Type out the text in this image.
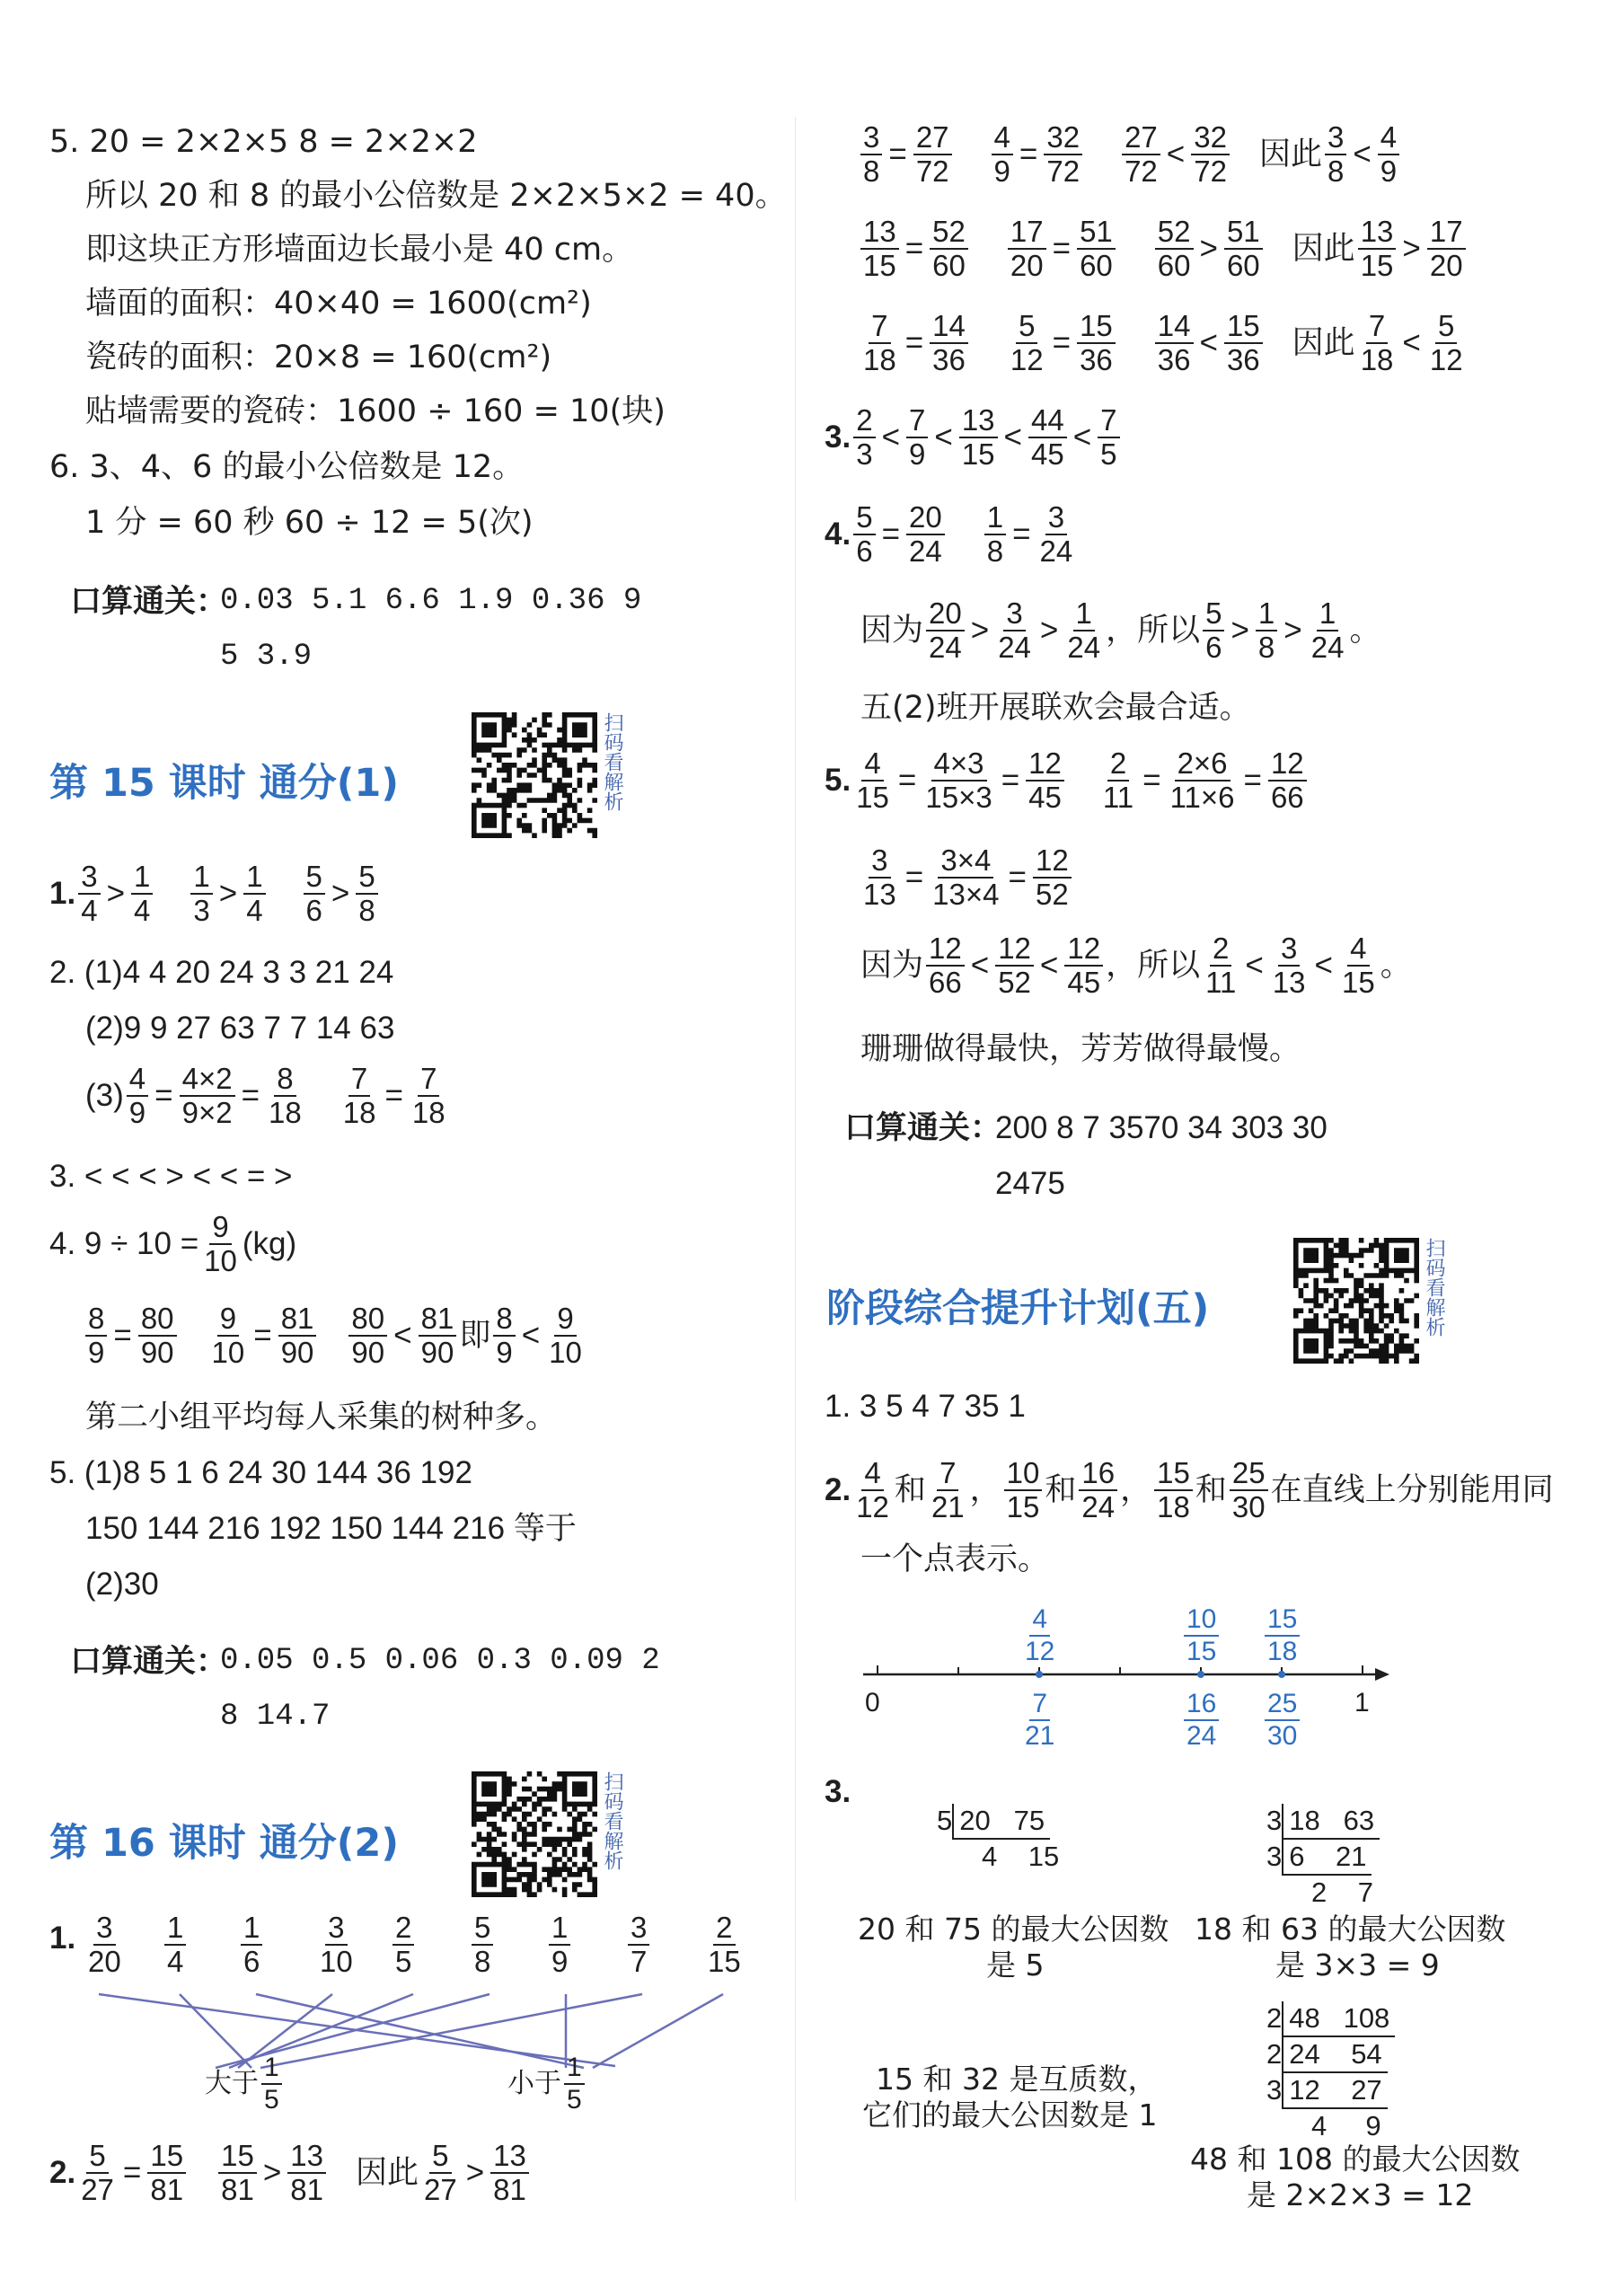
5. 20 = 2×2×5 8 = 2×2×2
所以 20 和 8 的最小公倍数是 2×2×5×2 = 40。
即这块正方形墙面边长最小是 40 cm。
墙面的面积：40×40 = 1600(cm²)
瓷砖的面积：20×8 = 160(cm²)
贴墙需要的瓷砖：1600 ÷ 160 = 10(块)
6. 3、4、6 的最小公倍数是 12。
1 分 = 60 秒 60 ÷ 12 = 5(次)
口算通关：
0.03 5.1 6.6 1.9 0.36 9
5 3.9
第 15 课时 通分(1)	扫码看解析
1. $\frac{3}{4} > \frac{1}{4} \frac{1}{3} > \frac{1}{4} \frac{5}{6} > \frac{5}{8}$
2. (1)4 4 20 24 3 3 21 24
(2)9 9 27 63 7 7 14 63
$(3) \frac{4}{9} = \frac{4\times 2}{9\times 2} = \frac{8}{18} \frac{7}{18} = \frac{7}{18}$
3. < < < > < < = >
4. $9 \div 10 = \frac{9}{10} (kg)$
$\frac{8}{9} = \frac{80}{90} \frac{9}{10} = \frac{81}{90} \frac{80}{90} < \frac{81}{90}$ 即 $\frac{8}{9} < \frac{9}{10}$
第二小组平均每人采集的树种多。
5. (1)8 5 1 6 24 30 144 36 192
150 144 216 192 150 144 216 等于
(2)30
口算通关：
0.05 0.5 0.06 0.3 0.09 2
8 14.7
第 16 课时 通分(2)	扫码看解析
1. $\frac{3}{20} \frac{1}{4} \frac{1}{6} \frac{3}{10} \frac{2}{5} \frac{5}{8} \frac{1}{9} \frac{3}{7} \frac{2}{15}$
大于 $\frac{1}{5}$	小于 $\frac{1}{5}$
2. $\frac{5}{27} = \frac{15}{81} \frac{15}{81} > \frac{13}{81}$ 因此 $\frac{5}{27} > \frac{13}{81}$
$\frac{3}{8} = \frac{27}{72} \frac{4}{9} = \frac{32}{72} \frac{27}{72} < \frac{32}{72}$ 因此 $\frac{3}{8} < \frac{4}{9}$
$\frac{13}{15} = \frac{52}{60} \frac{17}{20} = \frac{51}{60} \frac{52}{60} > \frac{51}{60}$ 因此 $\frac{13}{15} > \frac{17}{20}$
$\frac{7}{18} = \frac{14}{36} \frac{5}{12} = \frac{15}{36} \frac{14}{36} < \frac{15}{36}$ 因此 $\frac{7}{18} < \frac{5}{12}$
3. $\frac{2}{3} < \frac{7}{9} < \frac{13}{15} < \frac{44}{45} < \frac{7}{5}$
4. $\frac{5}{6} = \frac{20}{24} \frac{1}{8} = \frac{3}{24}$
因为 $\frac{20}{24} > \frac{3}{24} > \frac{1}{24}$ ，所以 $\frac{5}{6} > \frac{1}{8} > \frac{1}{24}$ 。
五(2)班开展联欢会最合适。
5. $\frac{4}{15} = \frac{4\times 3}{15\times 3} = \frac{12}{45} \frac{2}{11} = \frac{2\times 6}{11\times 6} = \frac{12}{66}$
$\frac{3}{13} = \frac{3\times 4}{13\times 4} = \frac{12}{52}$
因为 $\frac{12}{66} < \frac{12}{52} < \frac{12}{45}$ ，所以 $\frac{2}{11} < \frac{3}{13} < \frac{4}{15}$ 。
珊珊做得最快，芳芳做得最慢。
口算通关：
200 8 7 3570 34 303 30
2475
阶段综合提升计划(五)	扫码看解析
1. 3 5 4 7 35 1
2. $\frac{4}{12}$ 和 $\frac{7}{21}$ ， $\frac{10}{15}$ 和 $\frac{16}{24}$ ， $\frac{15}{18}$ 和 $\frac{25}{30}$ 在直线上分别能用同
一个点表示。
0	1
$\frac{4}{12}$	$\frac{10}{15} \frac{15}{18}$
$\frac{7}{21}$	$\frac{16}{24} \frac{25}{30}$
3.
5 20 75
4 15
20 和 75 的最大公因数
是 5
3 18 63
3 6 21
2 7
18 和 63 的最大公因数
是 3×3 = 9
15 和 32 是互质数，
它们的最大公因数是 1
2 48 108
2 24 54
3 12 27
4 9
48 和 108 的最大公因数
是 2×2×3 = 12
